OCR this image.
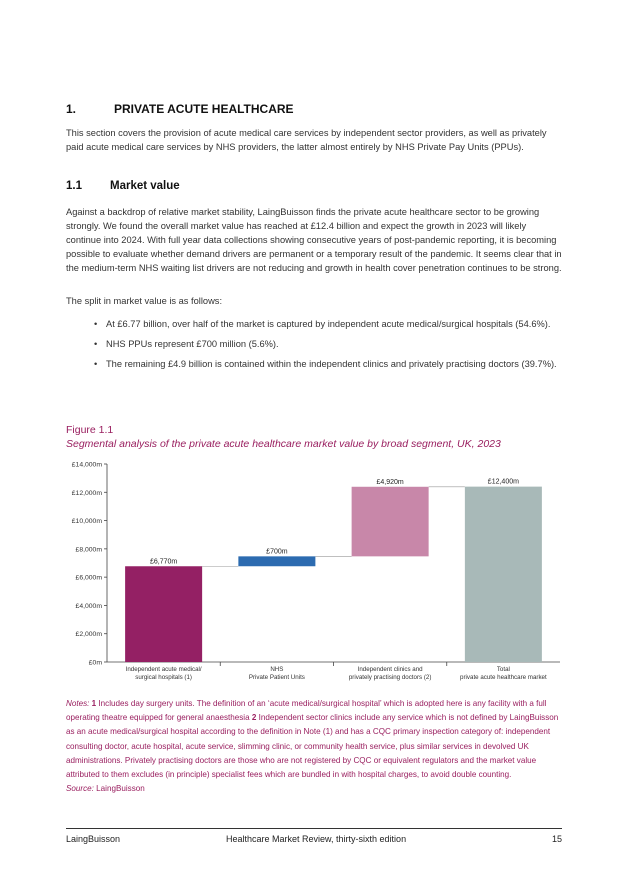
1.	PRIVATE ACUTE HEALTHCARE
This section covers the provision of acute medical care services by independent sector providers, as well as privately paid acute medical care services by NHS providers, the latter almost entirely by NHS Private Pay Units (PPUs).
1.1 Market value
Against a backdrop of relative market stability, LaingBuisson finds the private acute healthcare sector to be growing strongly. We found the overall market value has reached at £12.4 billion and expect the growth in 2023 will likely continue into 2024. With full year data collections showing consecutive years of post-pandemic reporting, it is becoming possible to evaluate whether demand drivers are permanent or a temporary result of the pandemic. It seems clear that in the medium-term NHS waiting list drivers are not reducing and growth in health cover penetration continues to be strong.
The split in market value is as follows:
• At £6.77 billion, over half of the market is captured by independent acute medical/surgical hospitals (54.6%).
• NHS PPUs represent £700 million (5.6%).
• The remaining £4.9 billion is contained within the independent clinics and privately practising doctors (39.7%).
Figure 1.1
Segmental analysis of the private acute healthcare market value by broad segment, UK, 2023
£0m
£2,000m
£4,000m
£6,000m
£8,000m
£10,000m
£12,000m
£14,000m
£6,770m
Independent acute medical/
surgical hospitals (1)
£700m
NHS
Private Patient Units
£4,920m
Independent clinics and
privately practising doctors (2)
£12,400m
Total
private acute healthcare market
Notes: 1 Includes day surgery units. The definition of an ‘acute medical/surgical hospital’ which is adopted here is any facility with a full operating theatre equipped for general anaesthesia 2 Independent sector clinics include any service which is not defined by LaingBuisson as an acute medical/surgical hospital according to the definition in Note (1) and has a CQC primary inspection category of: independent consulting doctor, acute hospital, acute service, slimming clinic, or community health service, plus similar services in devolved UK administrations. Privately practising doctors are those who are not registered by CQC or equivalent regulators and the market value attributed to them excludes (in principle) specialist fees which are bundled in with hospital charges, to avoid double counting.
Source: LaingBuisson
LaingBuisson	Healthcare Market Review, thirty-sixth edition	15
